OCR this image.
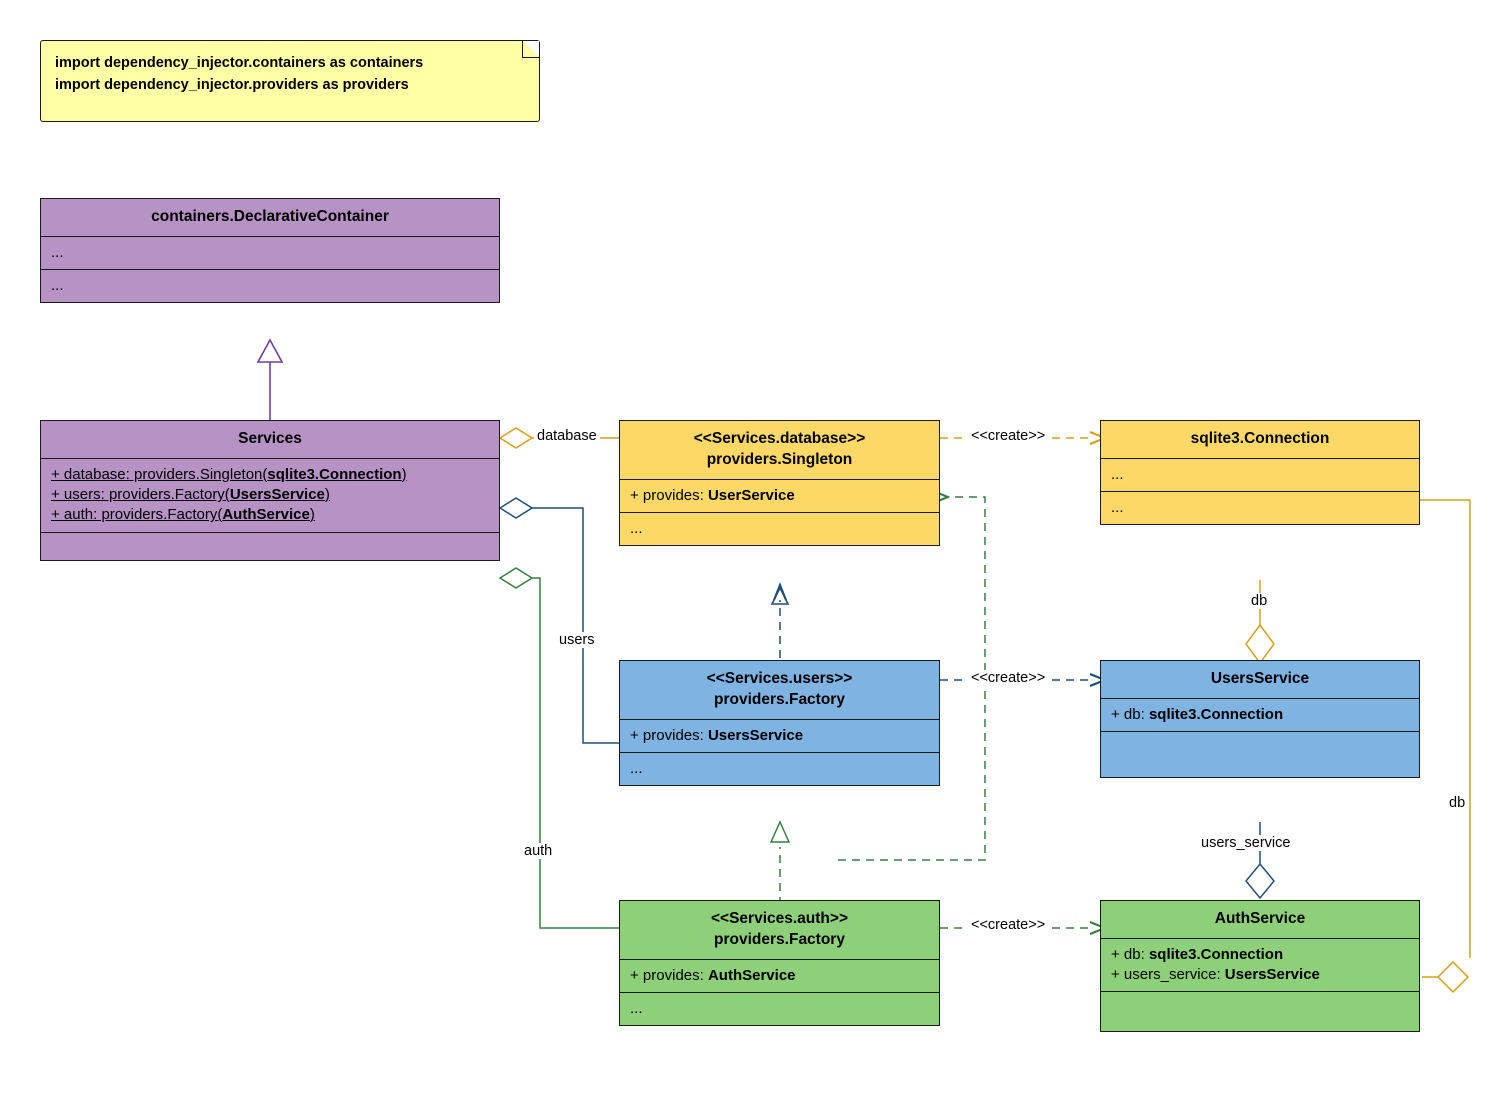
import dependency_injector.containers as containers
import dependency_injector.providers as providers
containers.DeclarativeContainer
...
...
Services
+ database: providers.Singleton(sqlite3.Connection)
+ users: providers.Factory(UsersService)
+ auth: providers.Factory(AuthService)
<<Services.database>>
providers.Singleton
+ provides: UserService
...
sqlite3.Connection
...
...
<<Services.users>>
providers.Factory
+ provides: UsersService
...
UsersService
+ db: sqlite3.Connection
<<Services.auth>>
providers.Factory
+ provides: AuthService
...
AuthService
+ db: sqlite3.Connection
+ users_service: UsersService
database
users
auth
<<create>>
<<create>>
<<create>>
db
users_service
db
